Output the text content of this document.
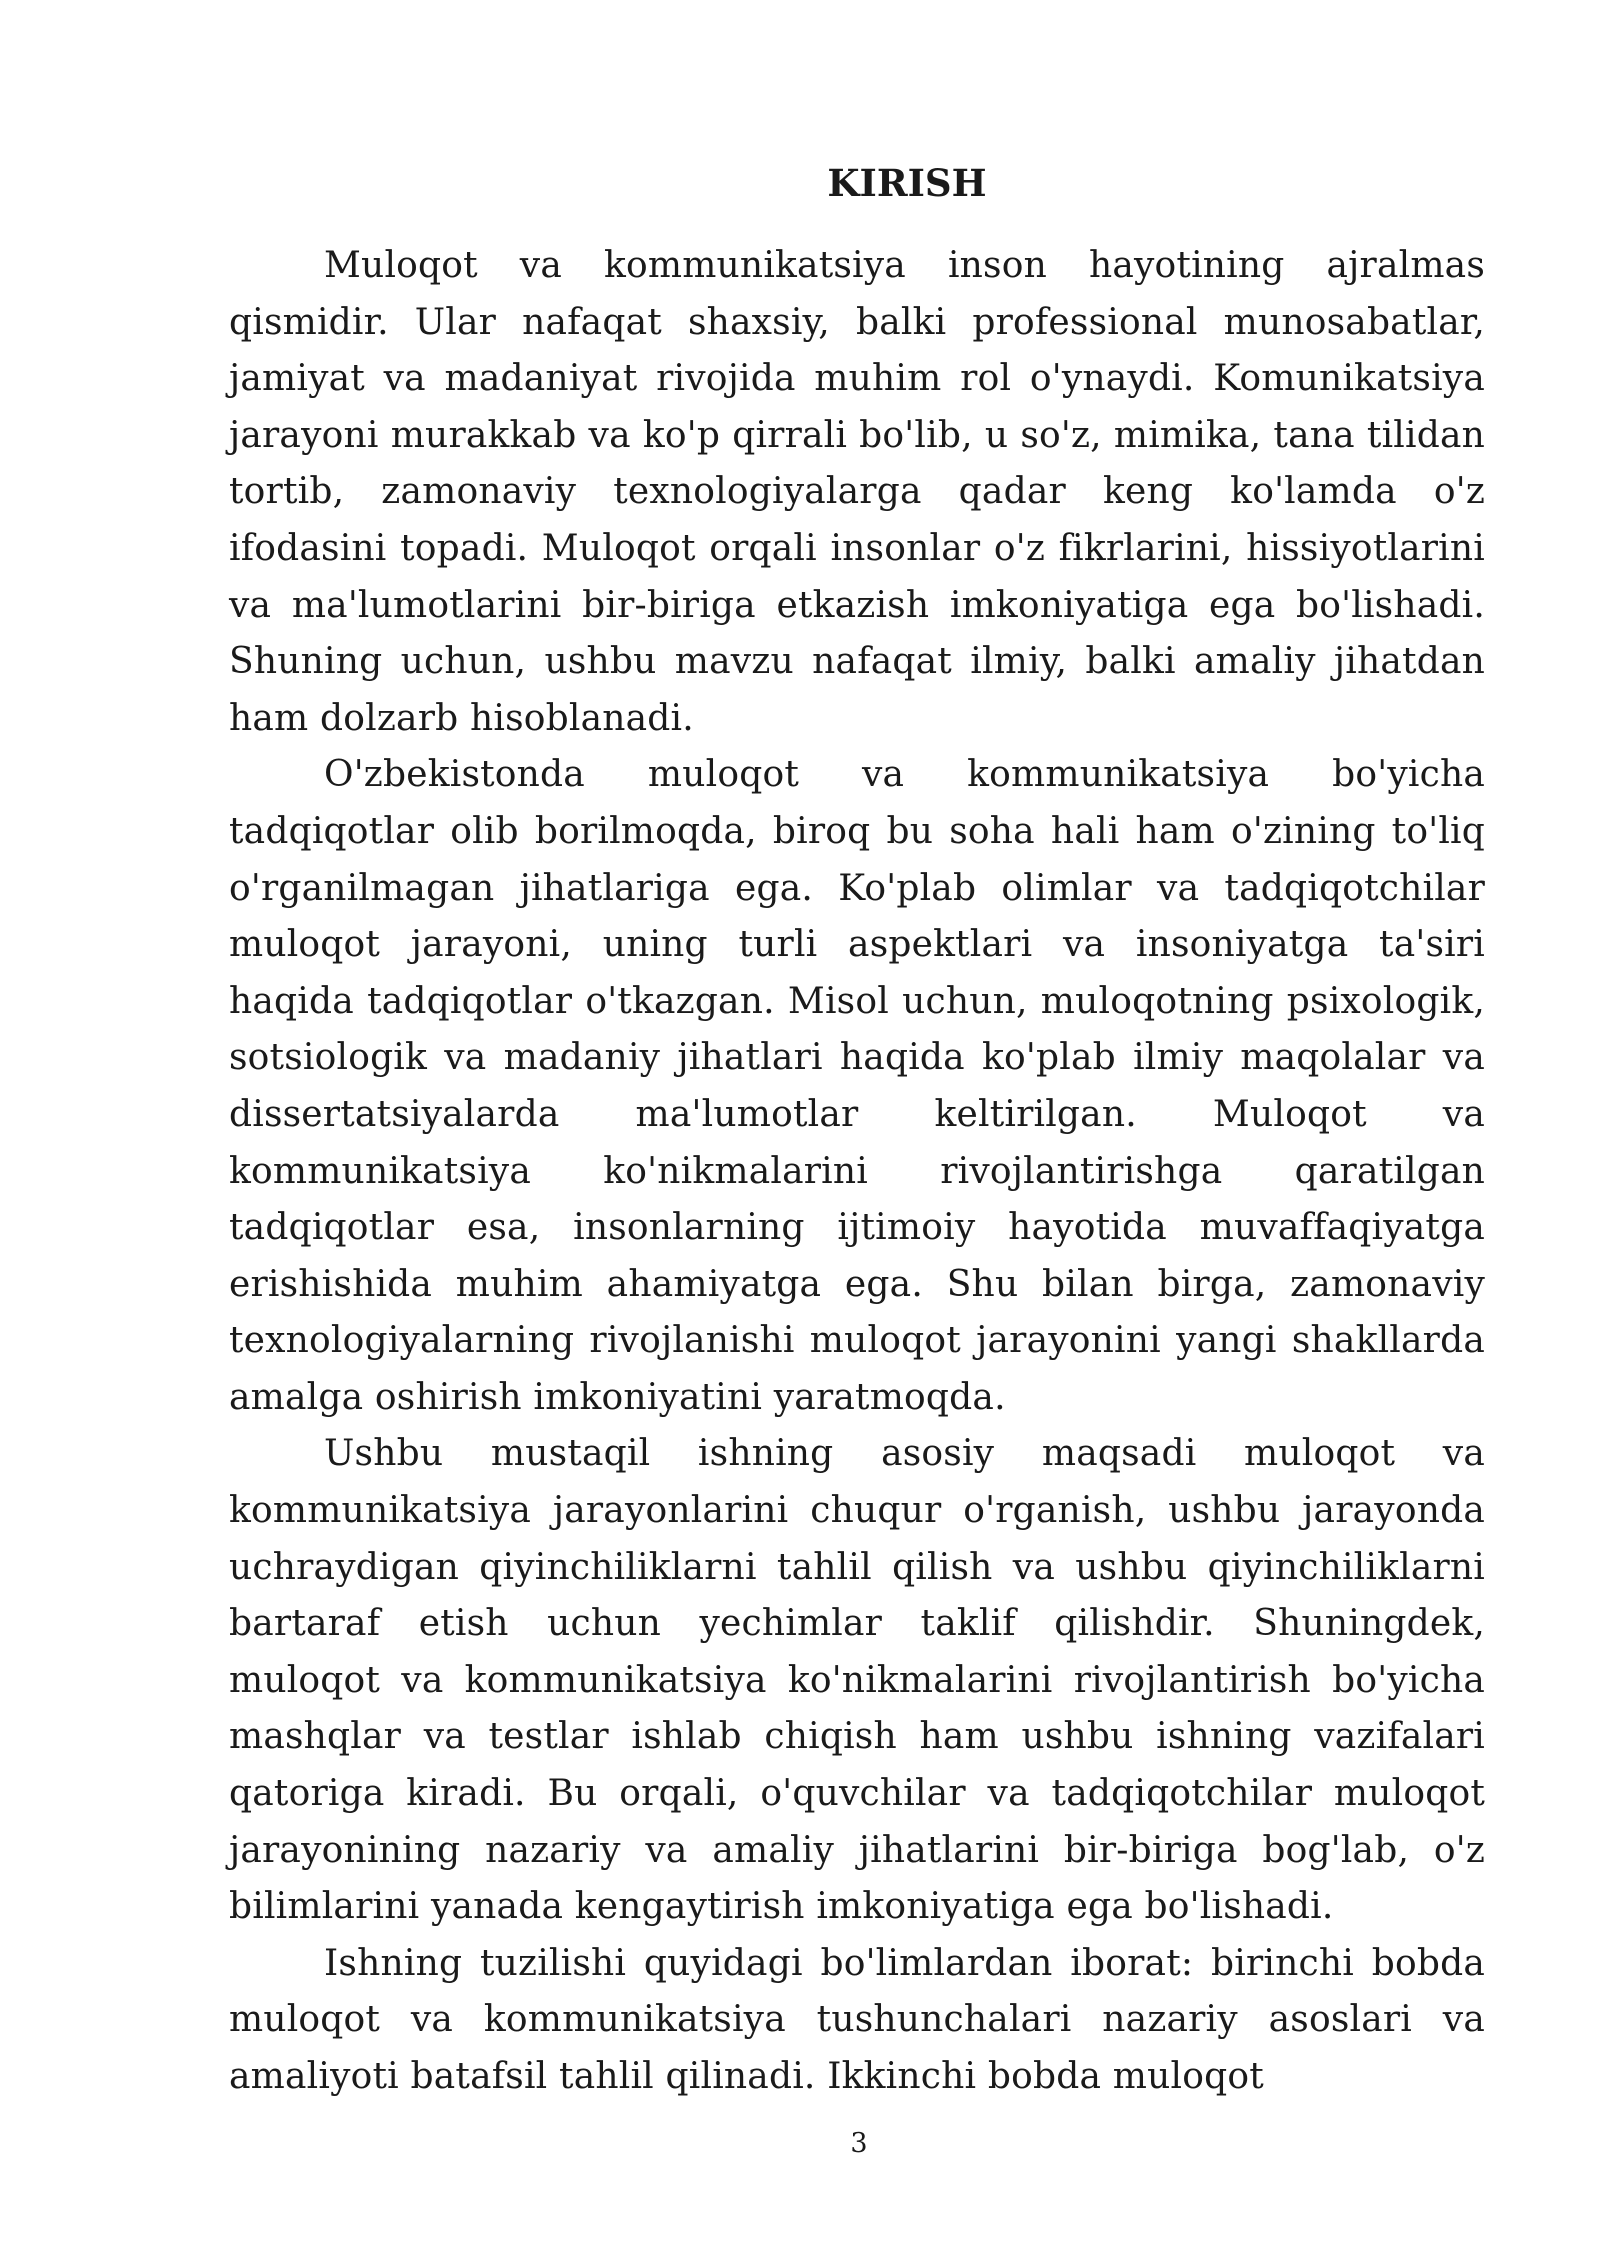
KIRISH

Muloqot va kommunikatsiya inson hayotining ajralmas qismidir. Ular nafaqat shaxsiy, balki professional munosabatlar, jamiyat va madaniyat rivojida muhim rol o'ynaydi. Komunikatsiya jarayoni murakkab va ko'p qirrali bo'lib, u so'z, mimika, tana tilidan tortib, zamonaviy texnologiyalarga qadar keng ko'lamda o'z ifodasini topadi. Muloqot orqali insonlar o'z fikrlarini, hissiyotlarini va ma'lumotlarini bir-biriga etkazish imkoniyatiga ega bo'lishadi. Shuning uchun, ushbu mavzu nafaqat ilmiy, balki amaliy jihatdan ham dolzarb hisoblanadi.

O'zbekistonda muloqot va kommunikatsiya bo'yicha tadqiqotlar olib borilmoqda, biroq bu soha hali ham o'zining to'liq o'rganilmagan jihatlariga ega. Ko'plab olimlar va tadqiqotchilar muloqot jarayoni, uning turli aspektlari va insoniyatga ta'siri haqida tadqiqotlar o'tkazgan. Misol uchun, muloqotning psixologik, sotsiologik va madaniy jihatlari haqida ko'plab ilmiy maqolalar va dissertatsiyalarda ma'lumotlar keltirilgan. Muloqot va kommunikatsiya ko'nikmalarini rivojlantirishga qaratilgan tadqiqotlar esa, insonlarning ijtimoiy hayotida muvaffaqiyatga erishishida muhim ahamiyatga ega. Shu bilan birga, zamonaviy texnologiyalarning rivojlanishi muloqot jarayonini yangi shakllarda amalga oshirish imkoniyatini yaratmoqda.

Ushbu mustaqil ishning asosiy maqsadi muloqot va kommunikatsiya jarayonlarini chuqur o'rganish, ushbu jarayonda uchraydigan qiyinchiliklarni tahlil qilish va ushbu qiyinchiliklarni bartaraf etish uchun yechimlar taklif qilishdir. Shuningdek, muloqot va kommunikatsiya ko'nikmalarini rivojlantirish bo'yicha mashqlar va testlar ishlab chiqish ham ushbu ishning vazifalari qatoriga kiradi. Bu orqali, o'quvchilar va tadqiqotchilar muloqot jarayonining nazariy va amaliy jihatlarini bir-biriga bog'lab, o'z bilimlarini yanada kengaytirish imkoniyatiga ega bo'lishadi.

Ishning tuzilishi quyidagi bo'limlardan iborat: birinchi bobda muloqot va kommunikatsiya tushunchalari nazariy asoslari va amaliyoti batafsil tahlil qilinadi. Ikkinchi bobda muloqot

3
